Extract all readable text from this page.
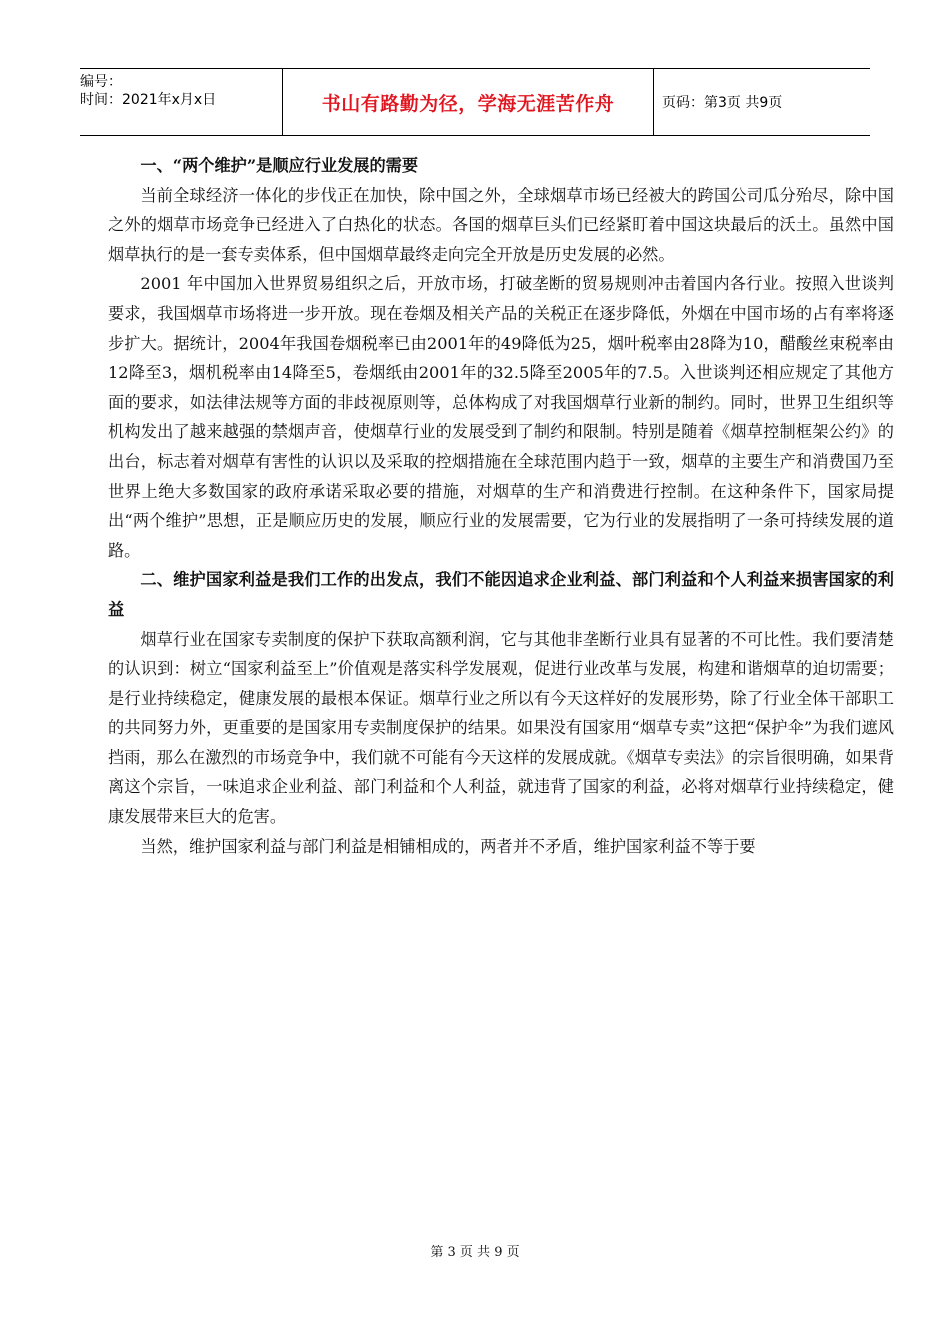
编号：
时间：2021年x月x日	书山有路勤为径，学海无涯苦作舟	页码：第3页 共9页

一、“两个维护”是顺应行业发展的需要

当前全球经济一体化的步伐正在加快，除中国之外，全球烟草市场已经被大的跨国公司瓜分殆尽，除中国之外的烟草市场竞争已经进入了白热化的状态。各国的烟草巨头们已经紧盯着中国这块最后的沃土。虽然中国烟草执行的是一套专卖体系，但中国烟草最终走向完全开放是历史发展的必然。

2001 年中国加入世界贸易组织之后，开放市场，打破垄断的贸易规则冲击着国内各行业。按照入世谈判要求，我国烟草市场将进一步开放。现在卷烟及相关产品的关税正在逐步降低，外烟在中国市场的占有率将逐步扩大。据统计，2004年我国卷烟税率已由2001年的49降低为25，烟叶税率由28降为10，醋酸丝束税率由12降至3，烟机税率由14降至5，卷烟纸由2001年的32.5降至2005年的7.5。入世谈判还相应规定了其他方面的要求，如法律法规等方面的非歧视原则等，总体构成了对我国烟草行业新的制约。同时，世界卫生组织等机构发出了越来越强的禁烟声音，使烟草行业的发展受到了制约和限制。特别是随着《烟草控制框架公约》的出台，标志着对烟草有害性的认识以及采取的控烟措施在全球范围内趋于一致，烟草的主要生产和消费国乃至世界上绝大多数国家的政府承诺采取必要的措施，对烟草的生产和消费进行控制。在这种条件下，国家局提出“两个维护”思想，正是顺应历史的发展，顺应行业的发展需要，它为行业的发展指明了一条可持续发展的道路。

二、维护国家利益是我们工作的出发点，我们不能因追求企业利益、部门利益和个人利益来损害国家的利益

烟草行业在国家专卖制度的保护下获取高额利润，它与其他非垄断行业具有显著的不可比性。我们要清楚的认识到：树立“国家利益至上”价值观是落实科学发展观，促进行业改革与发展，构建和谐烟草的迫切需要；是行业持续稳定，健康发展的最根本保证。烟草行业之所以有今天这样好的发展形势，除了行业全体干部职工的共同努力外，更重要的是国家用专卖制度保护的结果。如果没有国家用“烟草专卖”这把“保护伞”为我们遮风挡雨，那么在激烈的市场竞争中，我们就不可能有今天这样的发展成就。《烟草专卖法》的宗旨很明确，如果背离这个宗旨，一味追求企业利益、部门利益和个人利益，就违背了国家的利益，必将对烟草行业持续稳定，健康发展带来巨大的危害。

当然，维护国家利益与部门利益是相铺相成的，两者并不矛盾，维护国家利益不等于要

第 3 页 共 9 页
